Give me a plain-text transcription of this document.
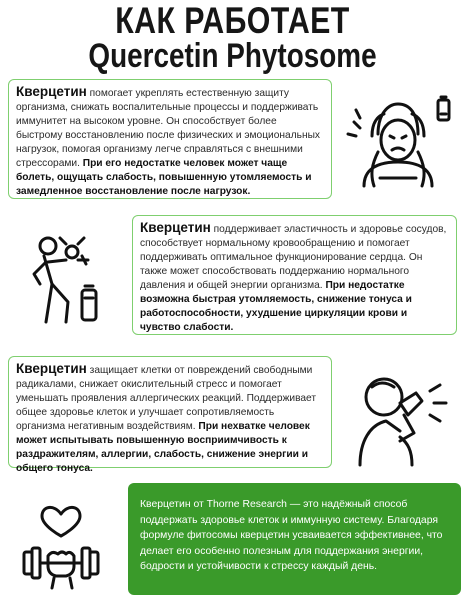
КАК РАБОТАЕТ
Quercetin Phytosome
Кверцетин помогает укреплять естественную защиту организма, снижать воспалительные процессы и поддерживать иммунитет на высоком уровне. Он способствует более быстрому восстановлению после физических и эмоциональных нагрузок, помогая организму легче справляться с внешними стрессорами. При его недостатке человек может чаще болеть, ощущать слабость, повышенную утомляемость и замедленное восстановление после нагрузок.
Кверцетин поддерживает эластичность и здоровье сосудов, способствует нормальному кровообращению и помогает поддерживать оптимальное функционирование сердца. Он также может способствовать поддержанию нормального давления и общей энергии организма. При недостатке возможна быстрая утомляемость, снижение тонуса и работоспособности, ухудшение циркуляции крови и чувство слабости.
Кверцетин защищает клетки от повреждений свободными радикалами, снижает окислительный стресс и помогает уменьшать проявления аллергических реакций. Поддерживает общее здоровье клеток и улучшает сопротивляемость организма негативным воздействиям. При нехватке человек может испытывать повышенную восприимчивость к раздражителям, аллергии, слабость, снижение энергии и общего тонуса.
Кверцетин от Thorne Research — это надёжный способ поддержать здоровье клеток и иммунную систему. Благодаря формуле фитосомы кверцетин усваивается эффективнее, что делает его особенно полезным для поддержания энергии, бодрости и устойчивости к стрессу каждый день.
